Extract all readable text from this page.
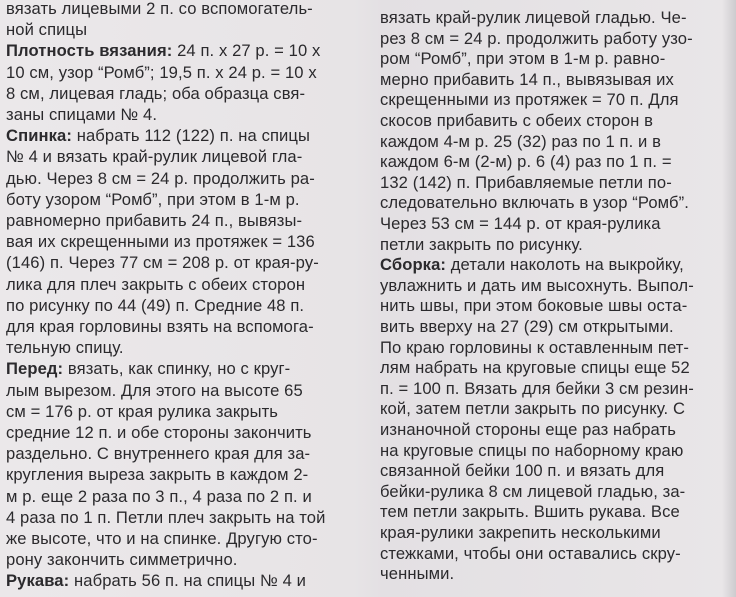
вязать лицевыми 2 п. со вспомогатель-
ной спицы
Плотность вязания: 24 п. х 27 р. = 10 х
10 см, узор “Ромб”; 19,5 п. х 24 р. = 10 х
8 см, лицевая гладь; оба образца свя-
заны спицами № 4.
Спинка: набрать 112 (122) п. на спицы
№ 4 и вязать край-рулик лицевой гла-
дью. Через 8 см = 24 р. продолжить ра-
боту узором “Ромб”, при этом в 1-м р.
равномерно прибавить 24 п., вывязы-
вая их скрещенными из протяжек = 136
(146) п. Через 77 см = 208 р. от края-ру-
лика для плеч закрыть с обеих сторон
по рисунку по 44 (49) п. Средние 48 п.
для края горловины взять на вспомога-
тельную спицу.
Перед: вязать, как спинку, но с круг-
лым вырезом. Для этого на высоте 65
см = 176 р. от края рулика закрыть
средние 12 п. и обе стороны закончить
раздельно. С внутреннего края для за-
кругления выреза закрыть в каждом 2-
м р. еще 2 раза по 3 п., 4 раза по 2 п. и
4 раза по 1 п. Петли плеч закрыть на той
же высоте, что и на спинке. Другую сто-
рону закончить симметрично.
Рукава: набрать 56 п. на спицы № 4 и
вязать край-рулик лицевой гладью. Че-
рез 8 см = 24 р. продолжить работу узо-
ром “Ромб”, при этом в 1-м р. равно-
мерно прибавить 14 п., вывязывая их
скрещенными из протяжек = 70 п. Для
скосов прибавить с обеих сторон в
каждом 4-м р. 25 (32) раз по 1 п. и в
каждом 6-м (2-м) р. 6 (4) раз по 1 п. =
132 (142) п. Прибавляемые петли по-
следовательно включать в узор “Ромб”.
Через 53 см = 144 р. от края-рулика
петли закрыть по рисунку.
Сборка: детали наколоть на выкройку,
увлажнить и дать им высохнуть. Выпол-
нить швы, при этом боковые швы оста-
вить вверху на 27 (29) см открытыми.
По краю горловины к оставленным пет-
лям набрать на круговые спицы еще 52
п. = 100 п. Вязать для бейки 3 см резин-
кой, затем петли закрыть по рисунку. С
изнаночной стороны еще раз набрать
на круговые спицы по наборному краю
связанной бейки 100 п. и вязать для
бейки-рулика 8 см лицевой гладью, за-
тем петли закрыть. Вшить рукава. Все
края-рулики закрепить несколькими
стежками, чтобы они оставались скру-
ченными.
